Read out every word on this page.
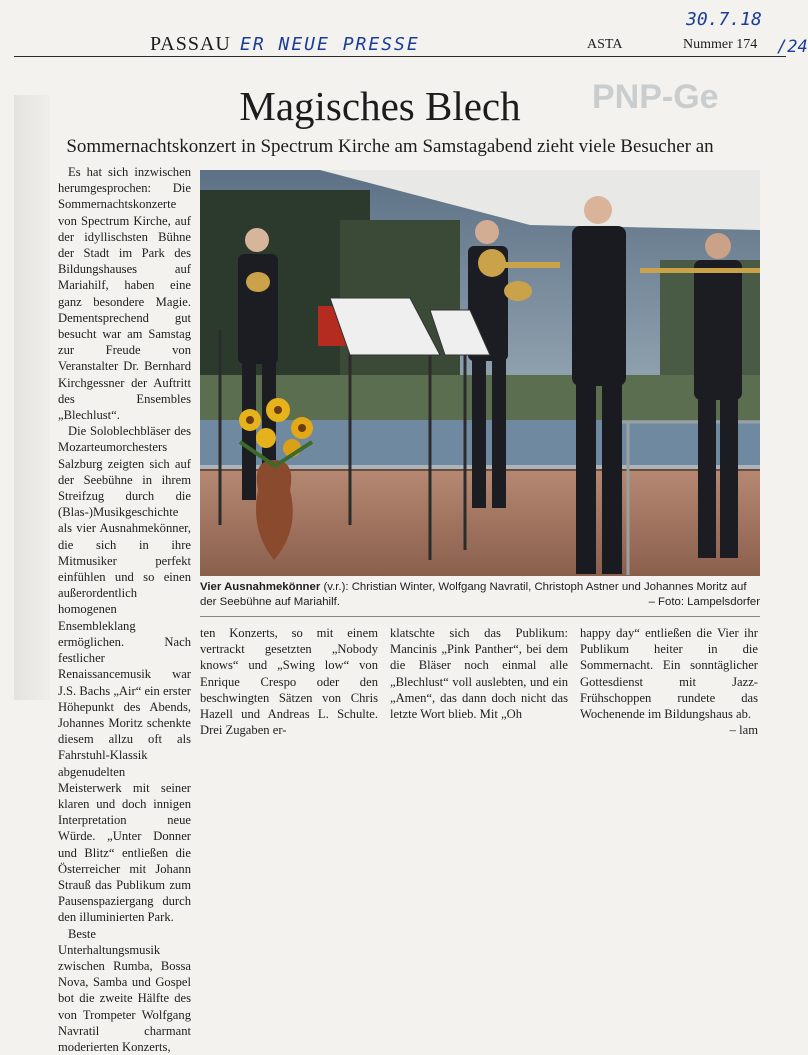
30.7.18
PASSAU ER NEUE PRESSE	ASTA	Nummer 174 /24
PNP-Ge
Magisches Blech
Sommernachtskonzert in Spectrum Kirche am Samstagabend zieht viele Besucher an

Es hat sich inzwischen herumgesprochen: Die Sommernachtskonzerte von Spectrum Kirche, auf der idyllischsten Bühne der Stadt im Park des Bildungshauses auf Mariahilf, haben eine ganz besondere Magie. Dementsprechend gut besucht war am Samstag zur Freude von Veranstalter Dr. Bernhard Kirchgessner der Auftritt des Ensembles „Blechlust“.

Die Soloblechbläser des Mozarteumorchesters Salzburg zeigten sich auf der Seebühne in ihrem Streifzug durch die (Blas-)Musikgeschichte als vier Ausnahmekönner, die sich in ihre Mitmusiker perfekt einfühlen und so einen außerordentlich homogenen Ensembleklang ermöglichen. Nach festlicher Renaissancemusik war J.S. Bachs „Air“ ein erster Höhepunkt des Abends, Johannes Moritz schenkte diesem allzu oft als Fahrstuhl-Klassik abgenudelten Meisterwerk mit seiner klaren und doch innigen Interpretation neue Würde. „Unter Donner und Blitz“ entließen die Österreicher mit Johann Strauß das Publikum zum Pausenspaziergang durch den illuminierten Park.

Beste Unterhaltungsmusik zwischen Rumba, Bossa Nova, Samba und Gospel bot die zweite Hälfte des von Trompeter Wolfgang Navratil charmant moderierten Konzerts,

Vier Ausnahmekönner (v.r.): Christian Winter, Wolfgang Navratil, Christoph Astner und Johannes Moritz auf der Seebühne auf Mariahilf.	– Foto: Lampelsdorfer
ten Konzerts, so mit einem vertrackt gesetzten „Nobody knows“ und „Swing low“ von Enrique Crespo oder den beschwingten Sätzen von Chris Hazell und Andreas L. Schulte. Drei Zugaben er-
klatschte sich das Publikum: Mancinis „Pink Panther“, bei dem die Bläser noch einmal alle „Blechlust“ voll auslebten, und ein „Amen“, das dann doch nicht das letzte Wort blieb. Mit „Oh
happy day“ entließen die Vier ihr Publikum heiter in die Sommernacht. Ein sonntäglicher Gottesdienst mit Jazz-Frühschoppen rundete das Wochenende im Bildungshaus ab.
– lam
